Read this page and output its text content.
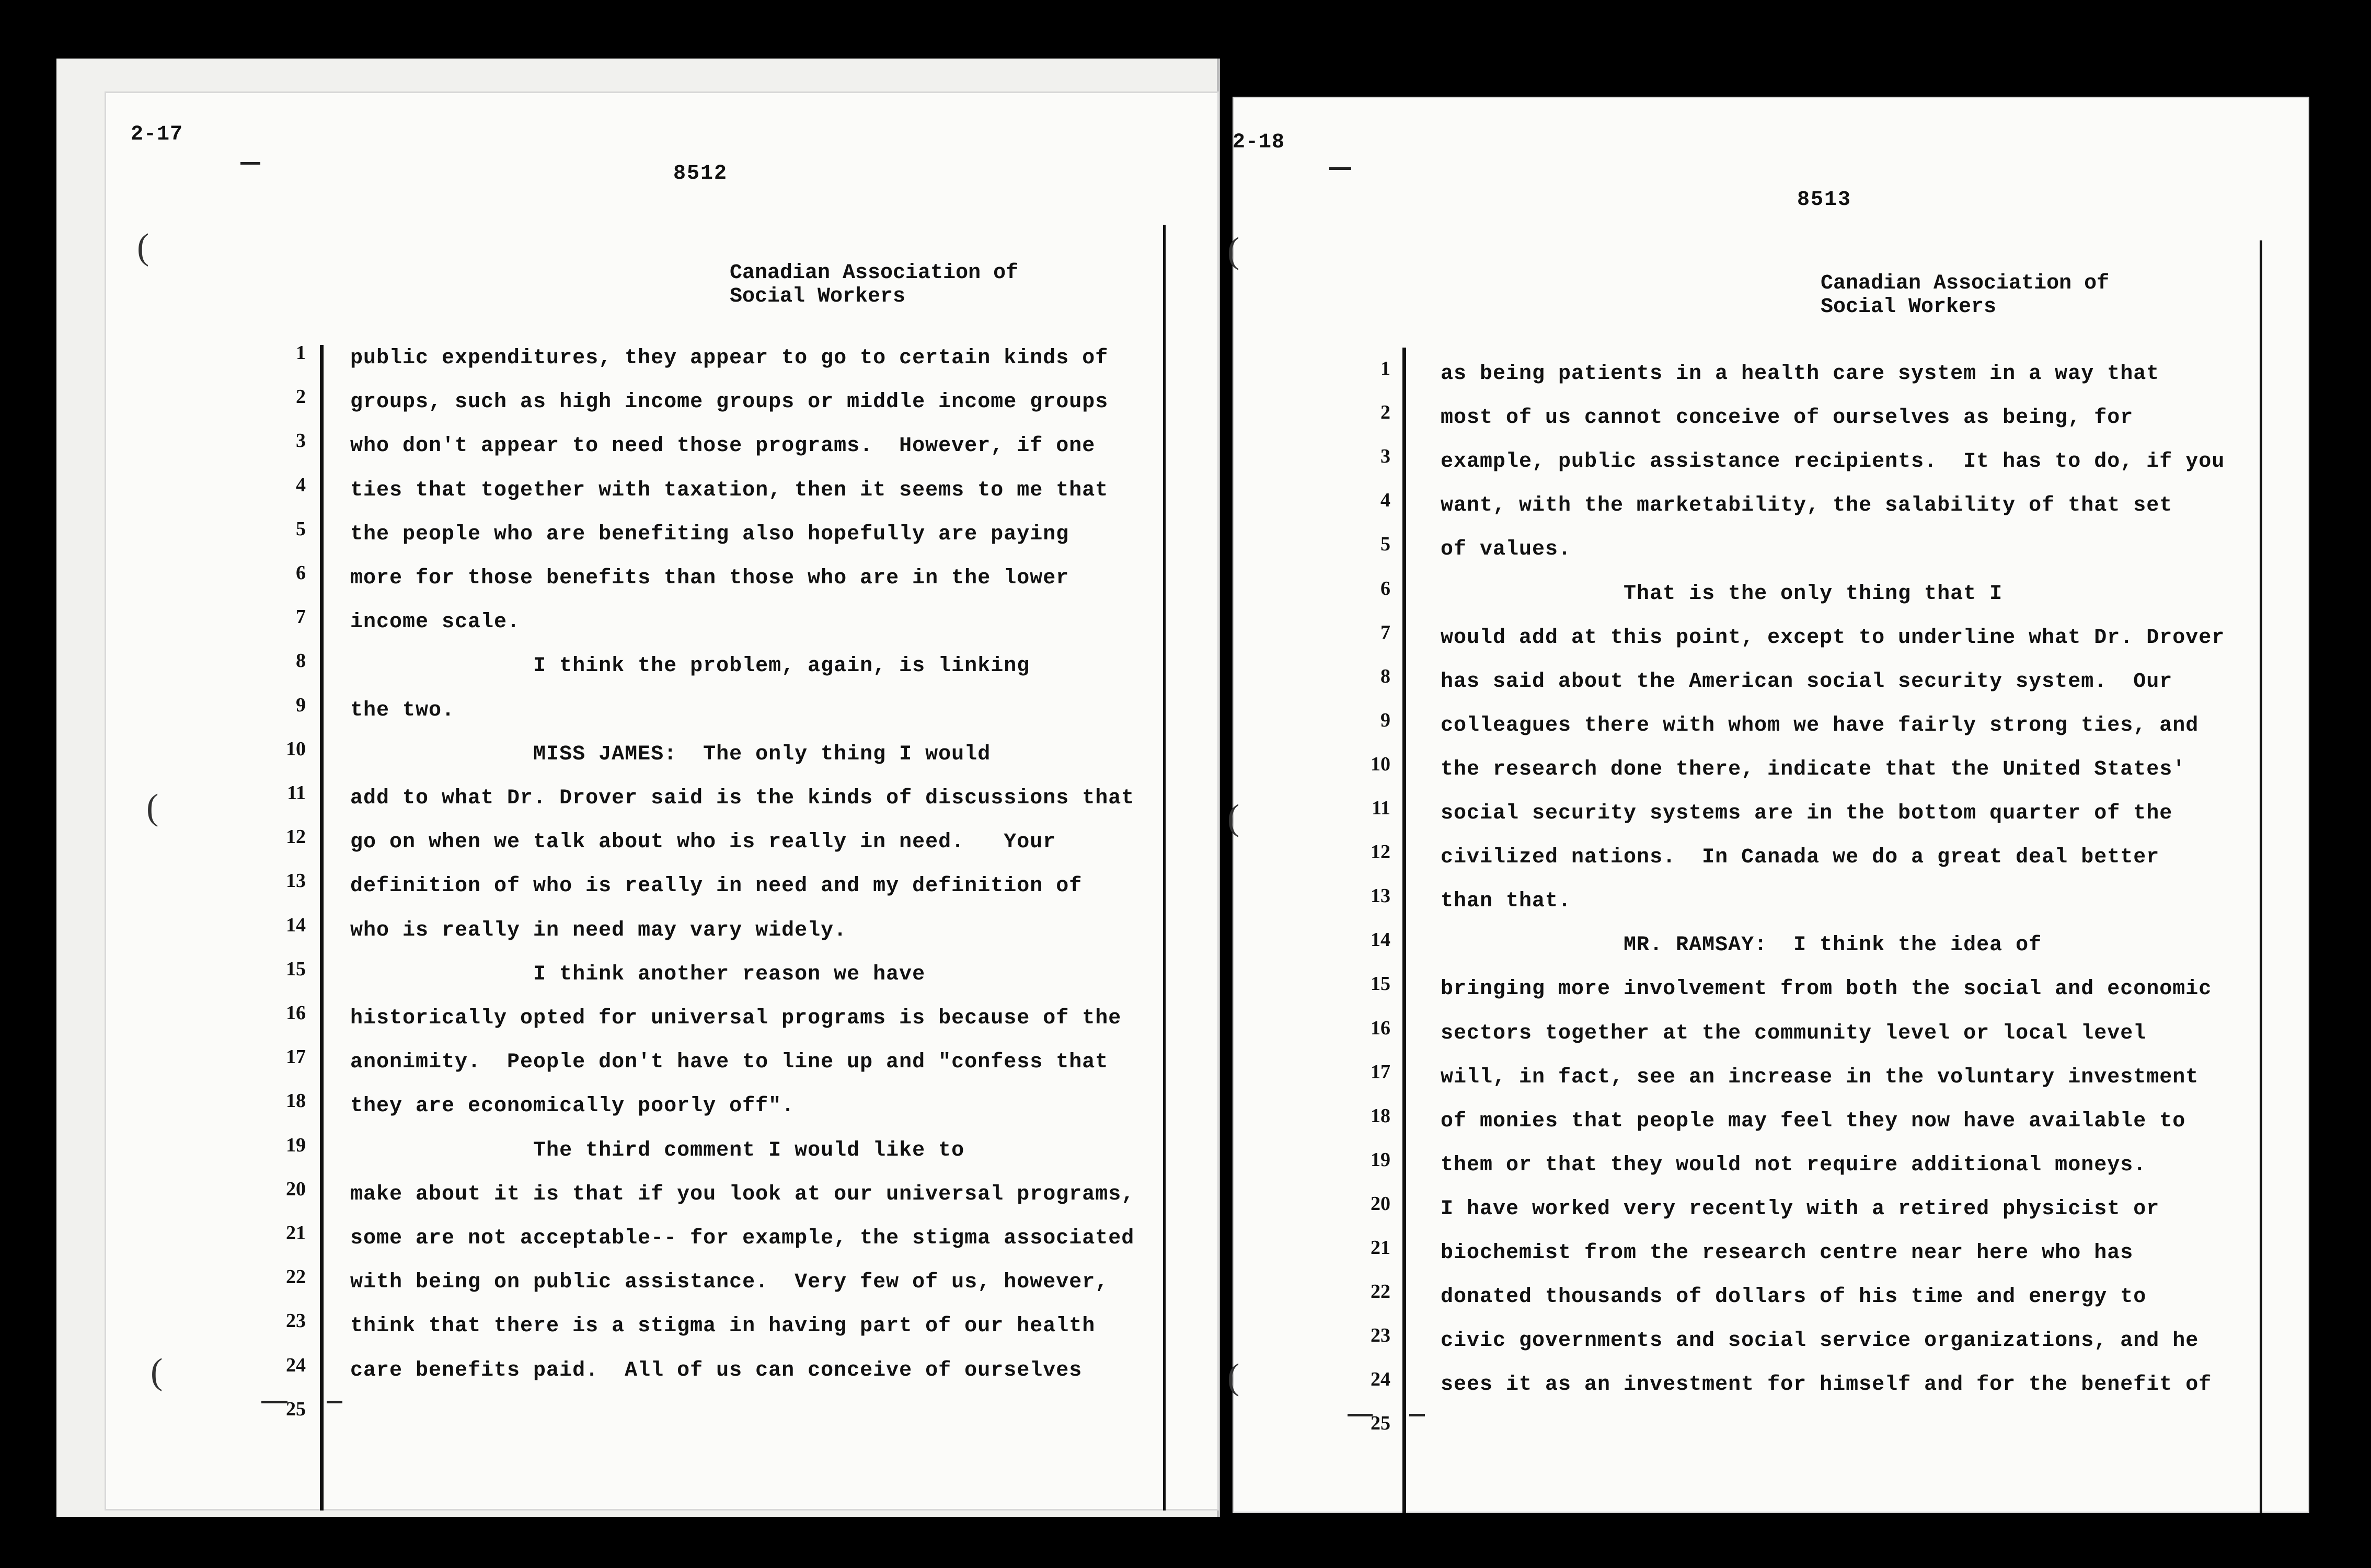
2-17
8512
(
(
(
Canadian Association of
Social Workers
1 public expenditures, they appear to go to certain kinds of
2 groups, such as high income groups or middle income groups
3 who don't appear to need those programs.  However, if one
4 ties that together with taxation, then it seems to me that
5 the people who are benefiting also hopefully are paying
6 more for those benefits than those who are in the lower
7 income scale.
8 I think the problem, again, is linking
9 the two.
10 MISS JAMES:  The only thing I would
11 add to what Dr. Drover said is the kinds of discussions that
12 go on when we talk about who is really in need.   Your
13 definition of who is really in need and my definition of
14 who is really in need may vary widely.
15 I think another reason we have
16 historically opted for universal programs is because of the
17 anonimity.  People don't have to line up and "confess that
18 they are economically poorly off".
19 The third comment I would like to
20 make about it is that if you look at our universal programs,
21 some are not acceptable-- for example, the stigma associated
22 with being on public assistance.  Very few of us, however,
23 think that there is a stigma in having part of our health
24 care benefits paid.  All of us can conceive of ourselves
25
2-18
8513
(
(
(
Canadian Association of
Social Workers
1 as being patients in a health care system in a way that
2 most of us cannot conceive of ourselves as being, for
3 example, public assistance recipients.  It has to do, if you
4 want, with the marketability, the salability of that set
5 of values.
6 That is the only thing that I
7 would add at this point, except to underline what Dr. Drover
8 has said about the American social security system.  Our
9 colleagues there with whom we have fairly strong ties, and
10 the research done there, indicate that the United States'
11 social security systems are in the bottom quarter of the
12 civilized nations.  In Canada we do a great deal better
13 than that.
14 MR. RAMSAY:  I think the idea of
15 bringing more involvement from both the social and economic
16 sectors together at the community level or local level
17 will, in fact, see an increase in the voluntary investment
18 of monies that people may feel they now have available to
19 them or that they would not require additional moneys.
20 I have worked very recently with a retired physicist or
21 biochemist from the research centre near here who has
22 donated thousands of dollars of his time and energy to
23 civic governments and social service organizations, and he
24 sees it as an investment for himself and for the benefit of
25
